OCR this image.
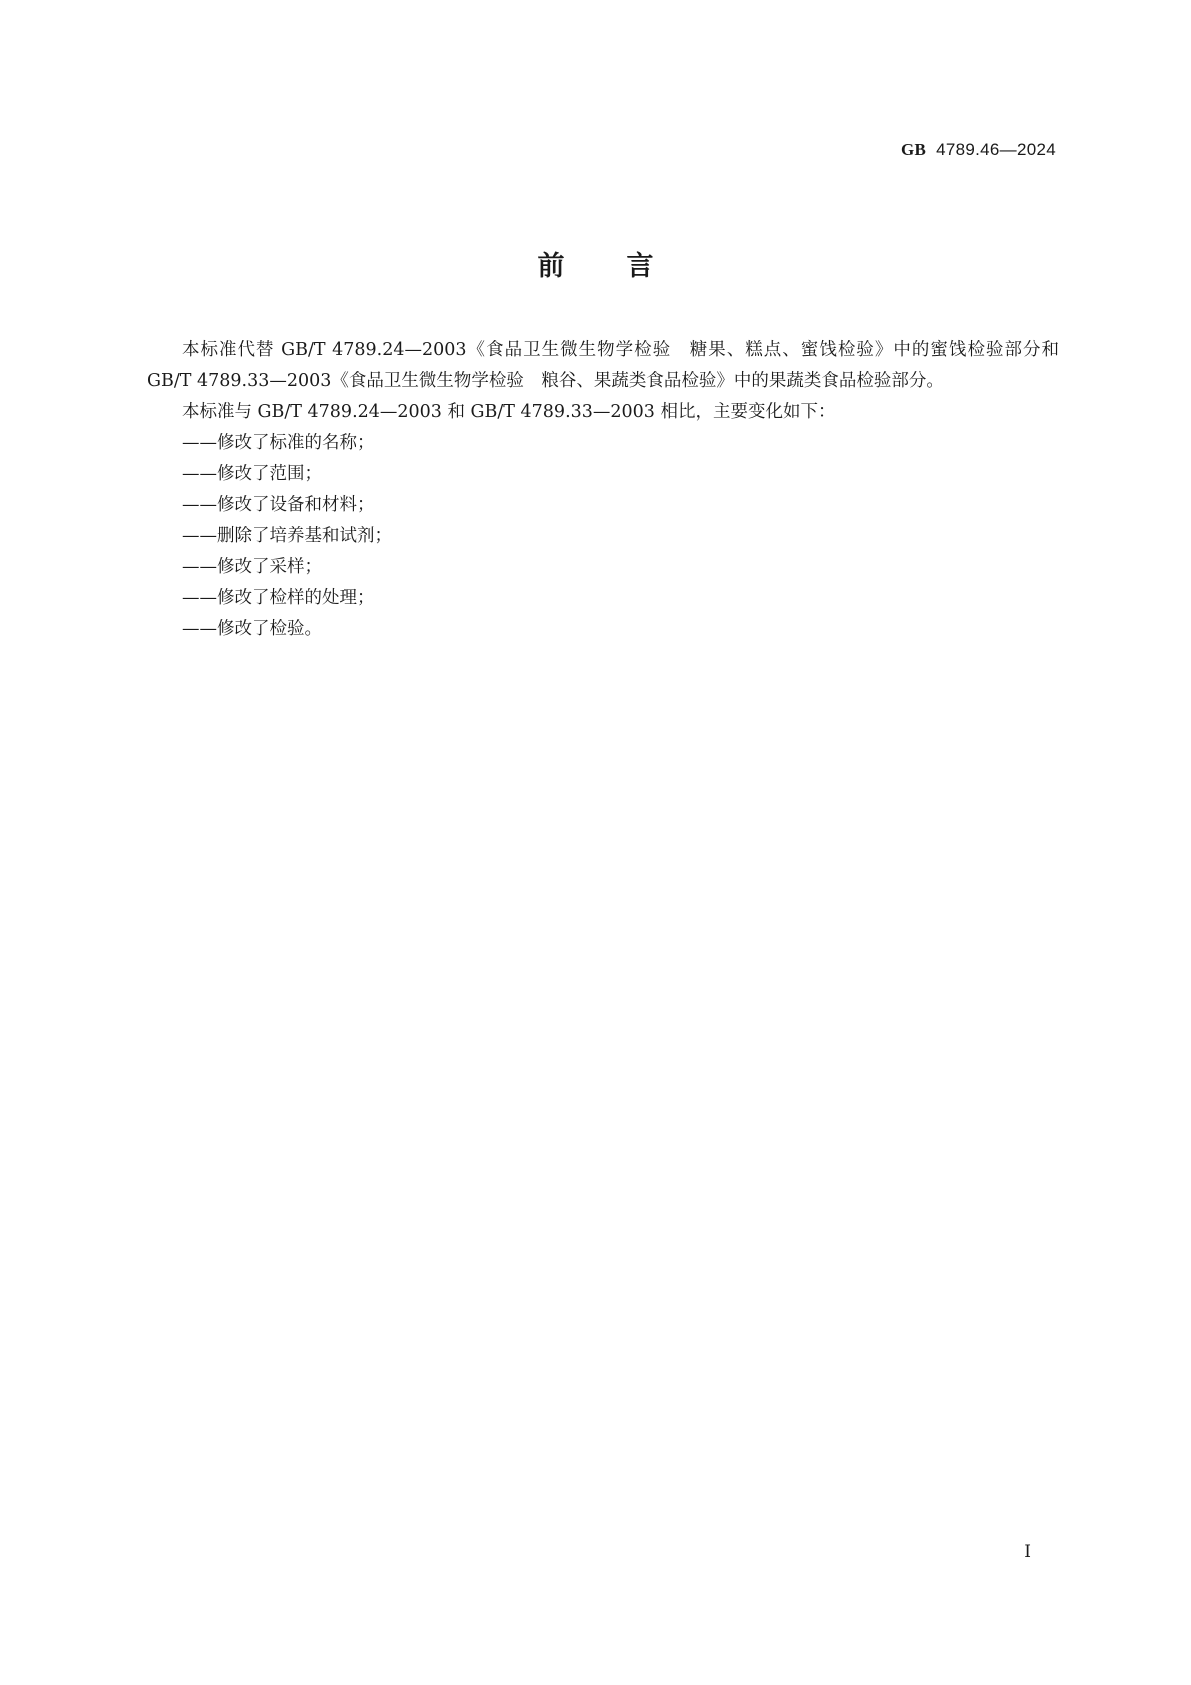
GB 4789.46—2024
前言

本标准代替 GB/T 4789.24—2003《食品卫生微生物学检验　糖果、糕点、蜜饯检验》中的蜜饯检验部分和 GB/T 4789.33—2003《食品卫生微生物学检验　粮谷、果蔬类食品检验》中的果蔬类食品检验部分。

本标准与 GB/T 4789.24—2003 和 GB/T 4789.33—2003 相比，主要变化如下：

——修改了标准的名称；

——修改了范围；

——修改了设备和材料；

——删除了培养基和试剂；

——修改了采样；

——修改了检样的处理；

——修改了检验。

I
